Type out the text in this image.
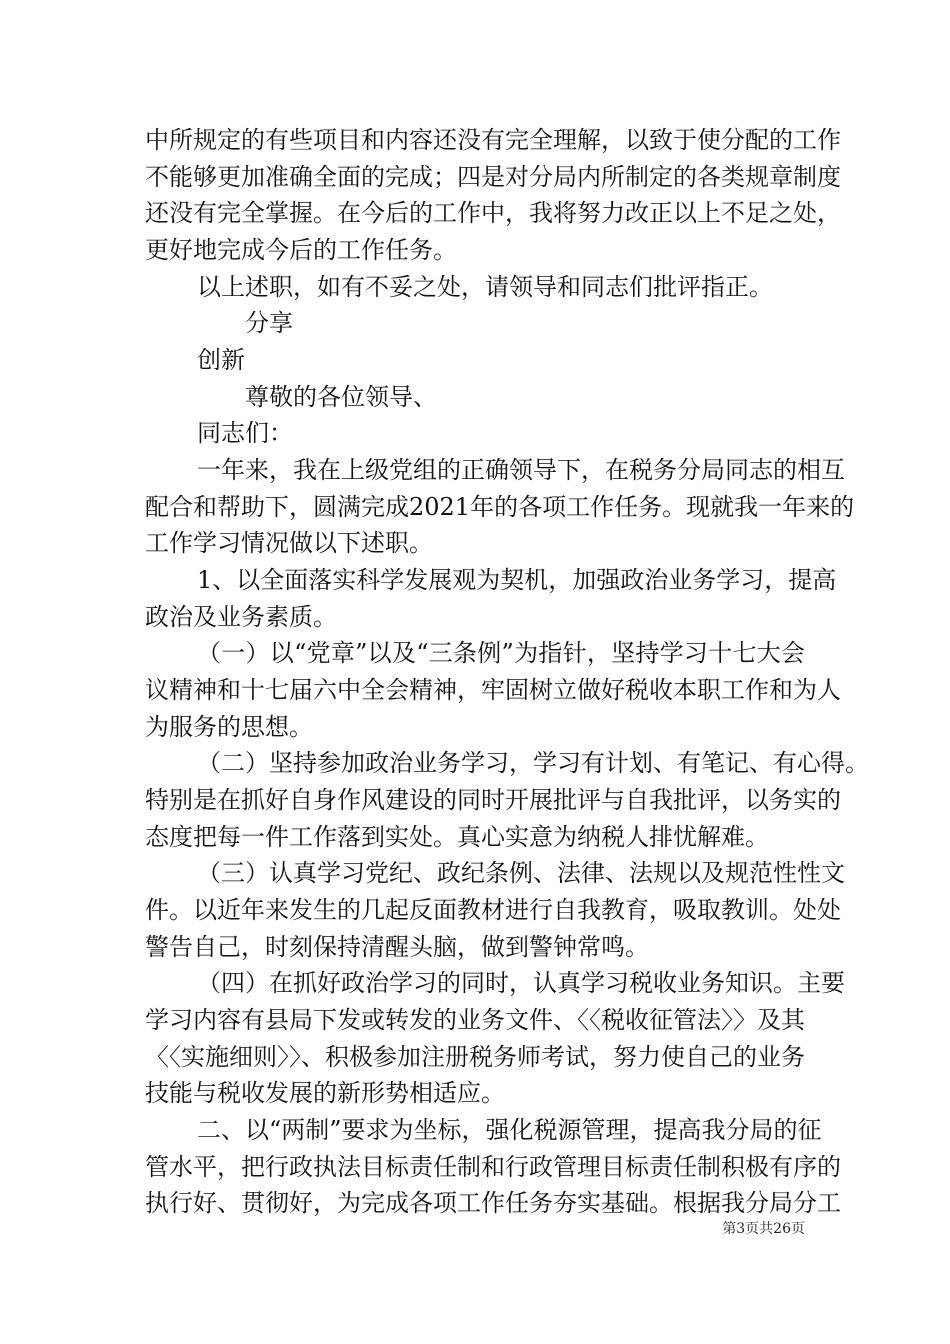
中所规定的有些项目和内容还没有完全理解，以致于使分配的工作
不能够更加准确全面的完成；四是对分局内所制定的各类规章制度
还没有完全掌握。在今后的工作中，我将努力改正以上不足之处，
更好地完成今后的工作任务。
以上述职，如有不妥之处，请领导和同志们批评指正。
分享
创新
尊敬的各位领导、
同志们：
一年来，我在上级党组的正确领导下，在税务分局同志的相互
配合和帮助下，圆满完成2021年的各项工作任务。现就我一年来的
工作学习情况做以下述职。
1、以全面落实科学发展观为契机，加强政治业务学习，提高
政治及业务素质。
（一）以“党章”以及“三条例”为指针，坚持学习十七大会
议精神和十七届六中全会精神，牢固树立做好税收本职工作和为人
为服务的思想。
（二）坚持参加政治业务学习，学习有计划、有笔记、有心得。
特别是在抓好自身作风建设的同时开展批评与自我批评，以务实的
态度把每一件工作落到实处。真心实意为纳税人排忧解难。
（三）认真学习党纪、政纪条例、法律、法规以及规范性性文
件。以近年来发生的几起反面教材进行自我教育，吸取教训。处处
警告自己，时刻保持清醒头脑，做到警钟常鸣。
（四）在抓好政治学习的同时，认真学习税收业务知识。主要
学习内容有县局下发或转发的业务文件、〈〈税收征管法〉〉及其
〈〈实施细则〉〉、积极参加注册税务师考试，努力使自己的业务
技能与税收发展的新形势相适应。
二、以“两制”要求为坐标，强化税源管理，提高我分局的征
管水平，把行政执法目标责任制和行政管理目标责任制积极有序的
执行好、贯彻好，为完成各项工作任务夯实基础。根据我分局分工
第3页共26页
